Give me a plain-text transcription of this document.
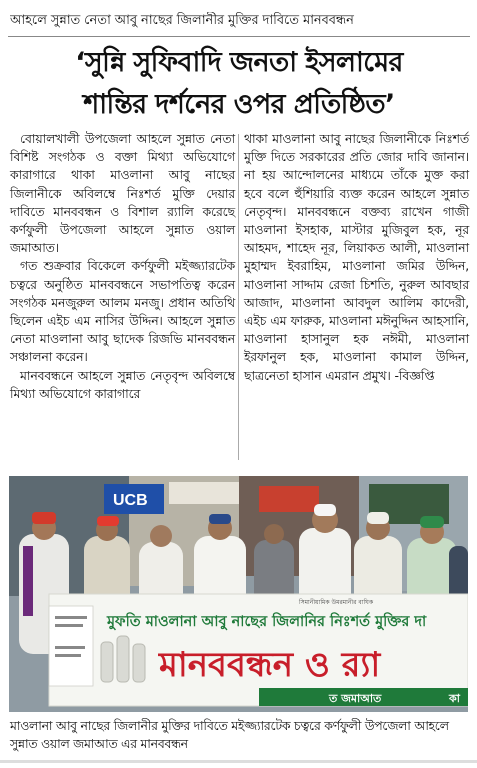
আহলে সুন্নাত নেতা আবু নাছের জিলানীর মুক্তির দাবিতে মানববন্ধন
‘সুন্নি সুফিবাদি জনতা ইসলামের
শান্তির দর্শনের ওপর প্রতিষ্ঠিত’

বোয়ালখালী উপজেলা আহলে সুন্নাত নেতা বিশিষ্ট সংগঠক ও বক্তা মিথ্যা অভিযোগে কারাগারে থাকা মাওলানা আবু নাছের জিলানীকে অবিলম্বে নিঃশর্ত মুক্তি দেয়ার দাবিতে মানববন্ধন ও বিশাল র‌্যালি করেছে কর্ণফুলী উপজেলা আহলে সুন্নাত ওয়াল জমাআত।

গত শুক্রবার বিকেলে কর্ণফুলী মইজ্জ্যারটেক চত্বরে অনুষ্ঠিত মানববন্ধনে সভাপতিত্ব করেন সংগঠক মনজুরুল আলম মনজু। প্রধান অতিথি ছিলেন এইচ এম নাসির উদ্দিন। আহলে সুন্নাত নেতা মাওলানা আবু ছাদেক রিজভি মানববন্ধন সঞ্চালনা করেন।

মানববন্ধনে আহলে সুন্নাত নেতৃবৃন্দ অবিলম্বে মিথ্যা অভিযোগে কারাগারে

থাকা মাওলানা আবু নাছের জিলানীকে নিঃশর্ত মুক্তি দিতে সরকারের প্রতি জোর দাবি জানান। না হয় আন্দোলনের মাধ্যমে তাঁকে মুক্ত করা হবে বলে হুঁশিয়ারি ব্যক্ত করেন আহলে সুন্নাত নেতৃবৃন্দ। মানববন্ধনে বক্তব্য রাখেন গাজী মাওলানা ইসহাক, মাস্টার মুজিবুল হক, নূর আহমদ, শাহেদ নূর, লিয়াকত আলী, মাওলানা মুহাম্মদ ইবরাহিম, মাওলানা জমির উদ্দিন, মাওলানা সাদ্দাম রেজা চিশতি, নুরুল আবছার আজাদ, মাওলানা আবদুল আলিম কাদেরী, এইচ এম ফারুক, মাওলানা মঈনুদ্দিন আহসানি, মাওলানা হাসানুল হক নঈমী, মাওলানা ইরফানুল হক, মাওলানা কামাল উদ্দিন, ছাত্রনেতা হাসান এমরান প্রমুখ। -বিজ্ঞপ্তি

UCB
সিমানীয়ামিক উমরমানীর বাঘিক
মুফতি মাওলানা আবু নাছের জিলানির নিঃশর্ত মুক্তির দা
মানববন্ধন ও র‌্যা
ত জমাআত	কা
মাওলানা আবু নাছের জিলানীর মুক্তির দাবিতে মইজ্জ্যারটেক চত্বরে কর্ণফুলী উপজেলা আহলে সুন্নাত ওয়াল জমাআত এর মানববন্ধন
